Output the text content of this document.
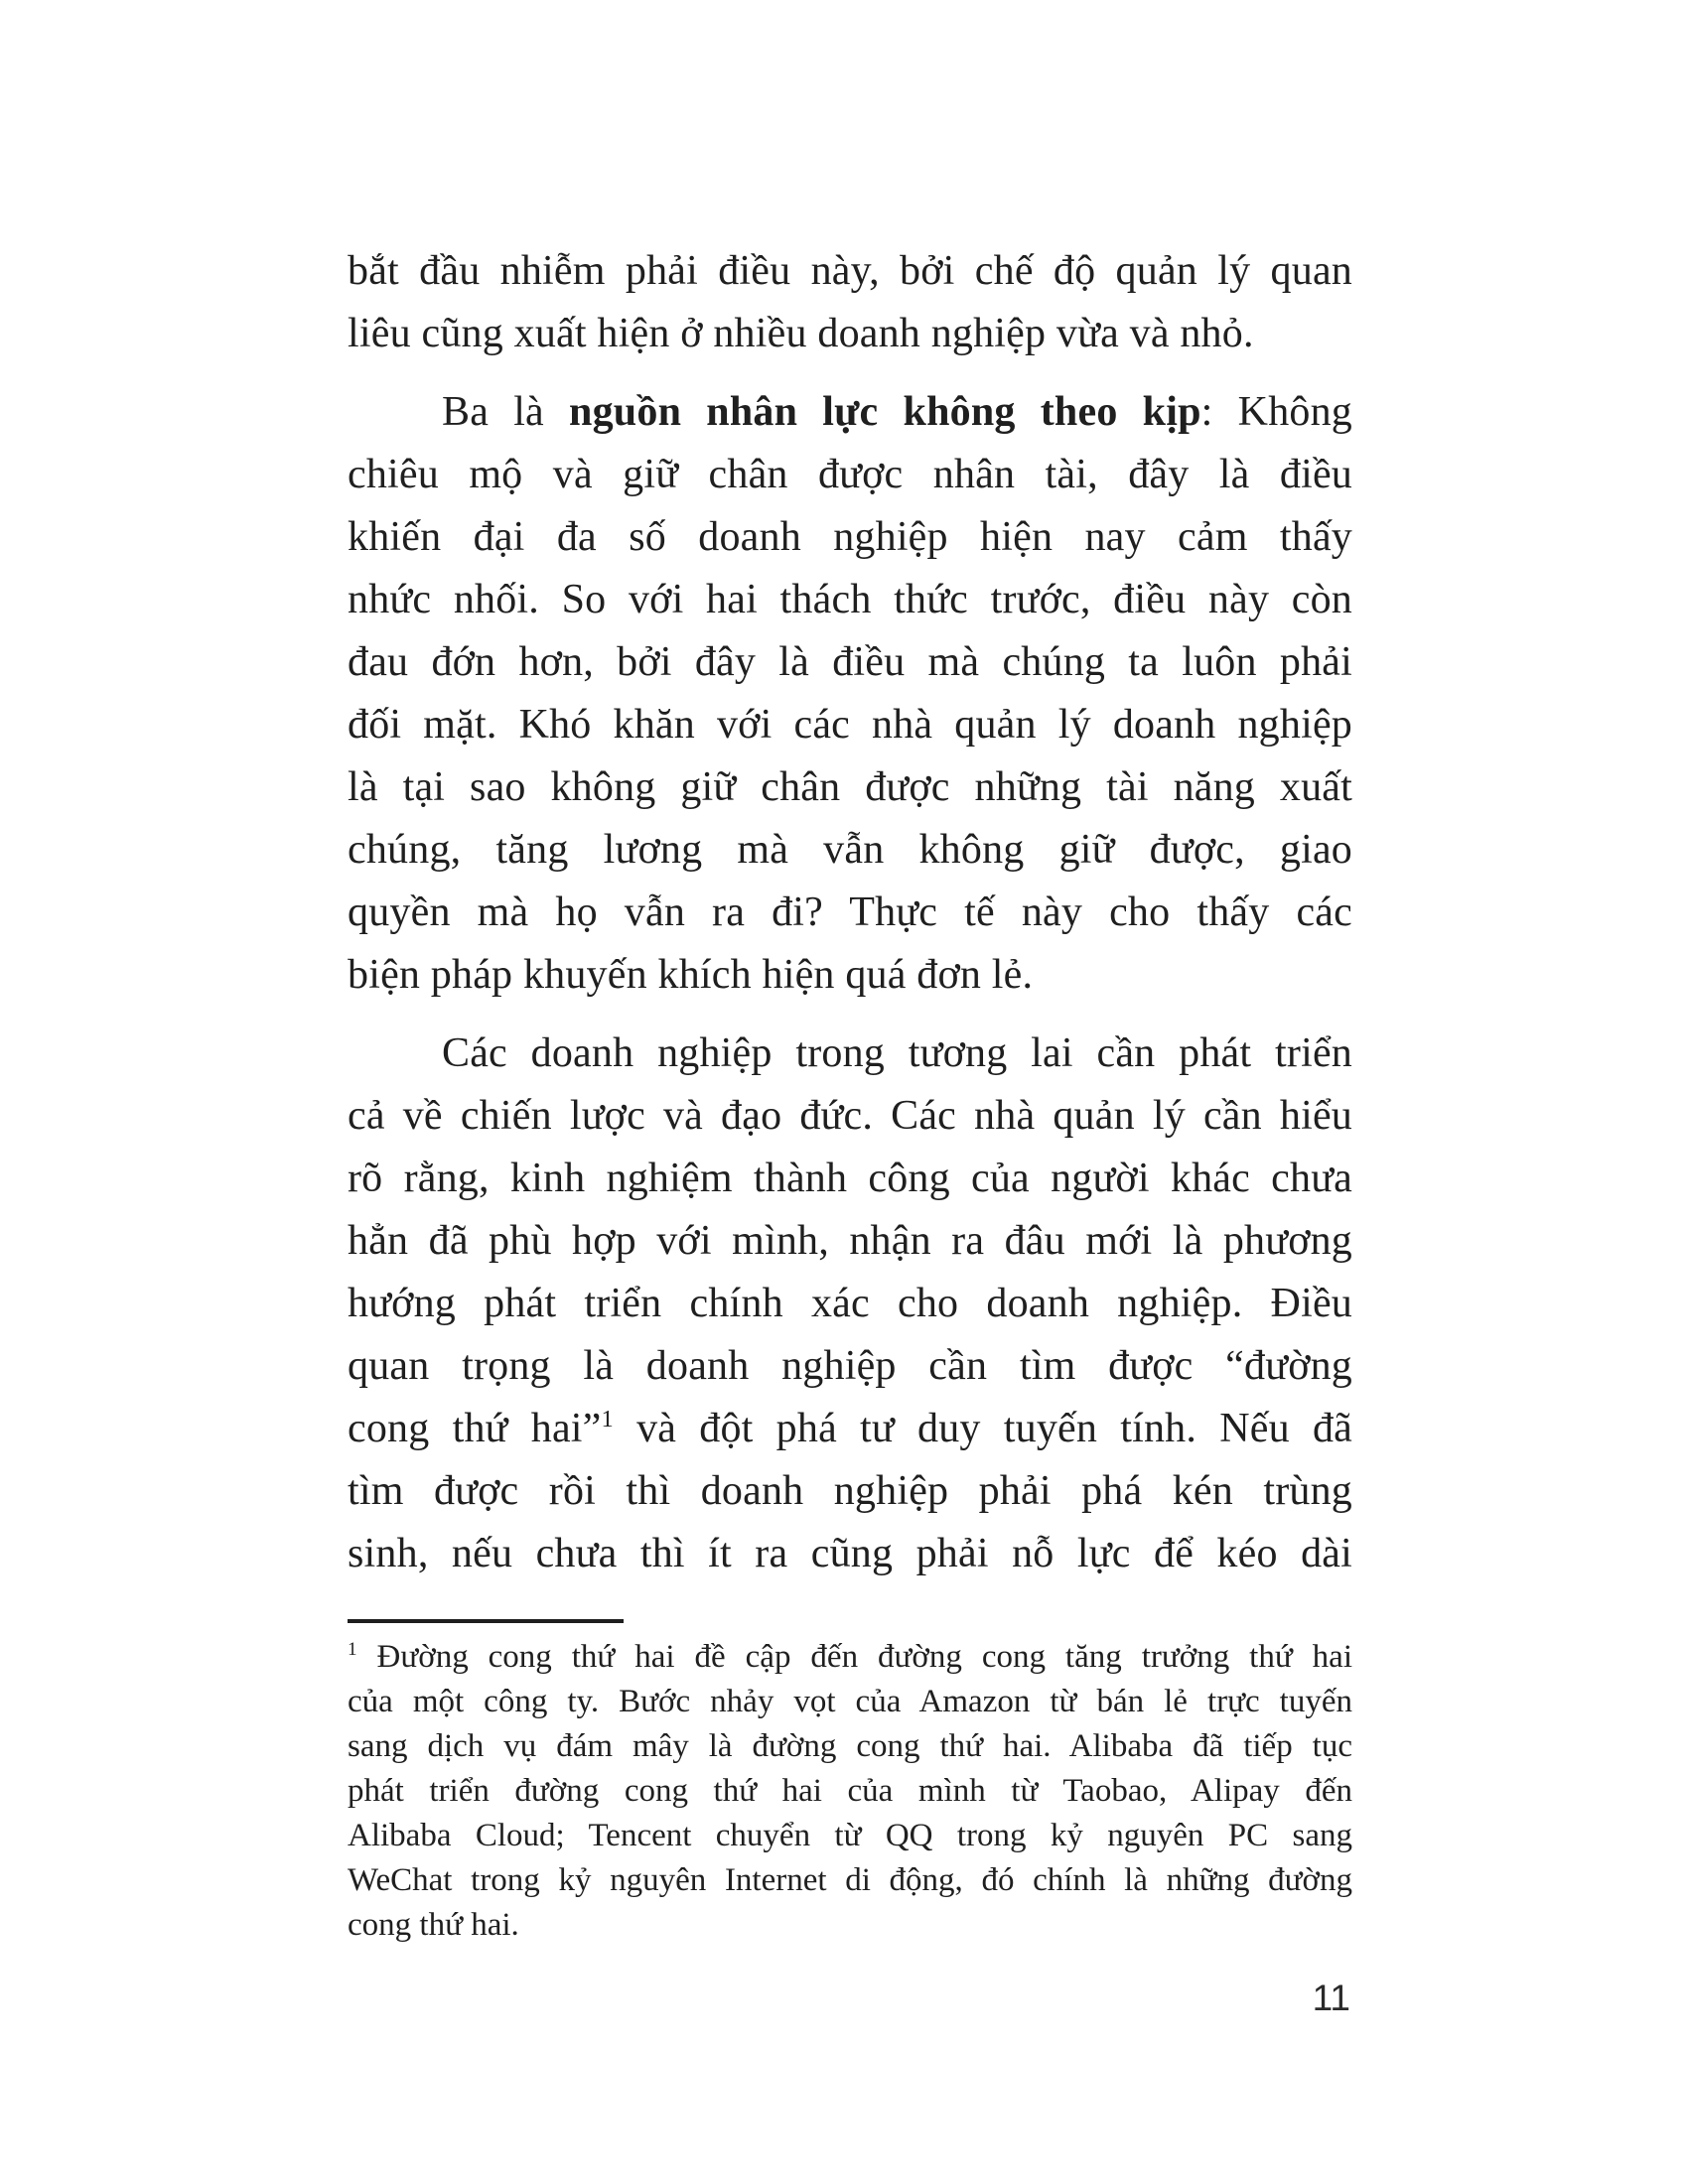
bắt đầu nhiễm phải điều này, bởi chế độ quản lý quan
liêu cũng xuất hiện ở nhiều doanh nghiệp vừa và nhỏ.
Ba là nguồn nhân lực không theo kịp: Không
chiêu mộ và giữ chân được nhân tài, đây là điều
khiến đại đa số doanh nghiệp hiện nay cảm thấy
nhức nhối. So với hai thách thức trước, điều này còn
đau đớn hơn, bởi đây là điều mà chúng ta luôn phải
đối mặt. Khó khăn với các nhà quản lý doanh nghiệp
là tại sao không giữ chân được những tài năng xuất
chúng, tăng lương mà vẫn không giữ được, giao
quyền mà họ vẫn ra đi? Thực tế này cho thấy các
biện pháp khuyến khích hiện quá đơn lẻ.
Các doanh nghiệp trong tương lai cần phát triển
cả về chiến lược và đạo đức. Các nhà quản lý cần hiểu
rõ rằng, kinh nghiệm thành công của người khác chưa
hẳn đã phù hợp với mình, nhận ra đâu mới là phương
hướng phát triển chính xác cho doanh nghiệp. Điều
quan trọng là doanh nghiệp cần tìm được “đường
cong thứ hai”$^1$ và đột phá tư duy tuyến tính. Nếu đã
tìm được rồi thì doanh nghiệp phải phá kén trùng
sinh, nếu chưa thì ít ra cũng phải nỗ lực để kéo dài
$^1$ Đường cong thứ hai đề cập đến đường cong tăng trưởng thứ hai
của một công ty. Bước nhảy vọt của Amazon từ bán lẻ trực tuyến
sang dịch vụ đám mây là đường cong thứ hai. Alibaba đã tiếp tục
phát triển đường cong thứ hai của mình từ Taobao, Alipay đến
Alibaba Cloud; Tencent chuyển từ QQ trong kỷ nguyên PC sang
WeChat trong kỷ nguyên Internet di động, đó chính là những đường
cong thứ hai.
11
